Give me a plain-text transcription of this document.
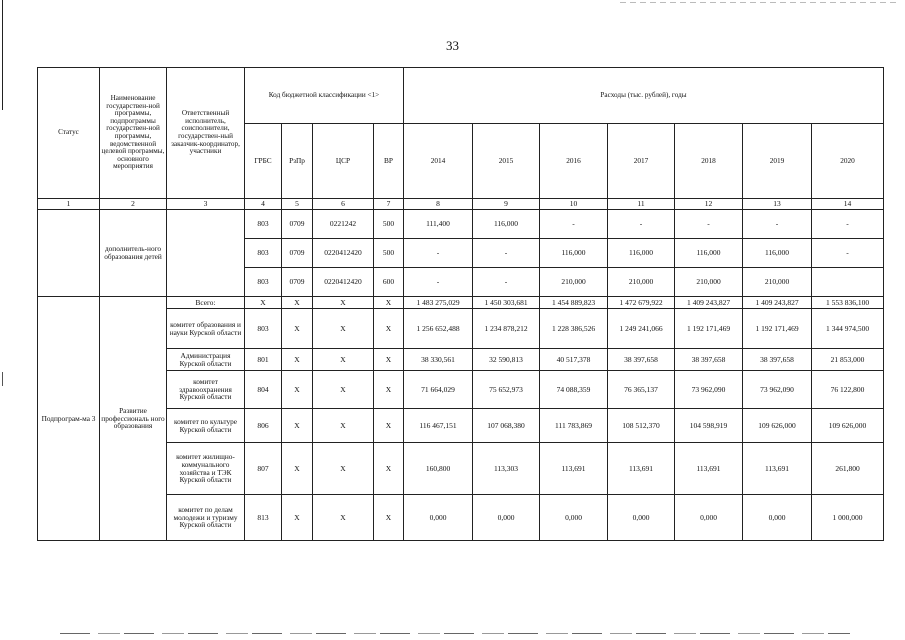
33
Статус	Наименование государствен-ной программы, подпрограммы государствен-ной программы, ведомственной целевой программы, основного мероприятия	Ответственный исполнитель, соисполнители, государствен-ный заказчик-координатор, участники	Код бюджетной классификации <1>				Расходы (тыс. рублей), годы						
			ГРБС	РзПр	ЦСР	ВР	2014	2015	2016	2017	2018	2019	2020
1	2	3	4	5	6	7	8	9	10	11	12	13	14
	дополнитель-ного образования детей		803	0709	0221242	500	111,400	116,000	-	-	-	-	-
			803	0709	0220412420	500	-	-	116,000	116,000	116,000	116,000	-
			803	0709	0220412420	600	-	-	210,000	210,000	210,000	210,000	
Подпрограм-ма 3	Развитие профессиональ ного образования	Всего:	Х	Х	Х	Х	1 483 275,029	1 450 303,681	1 454 889,823	1 472 679,922	1 409 243,827	1 409 243,827	1 553 836,100
		комитет образования и науки Курской области	803	Х	Х	Х	1 256 652,488	1 234 878,212	1 228 386,526	1 249 241,066	1 192 171,469	1 192 171,469	1 344 974,500
		Администрация Курской области	801	Х	Х	Х	38 330,561	32 590,813	40 517,378	38 397,658	38 397,658	38 397,658	21 853,000
		комитет здравоохранения Курской области	804	Х	Х	Х	71 664,029	75 652,973	74 088,359	76 365,137	73 962,090	73 962,090	76 122,800
		комитет по культуре Курской области	806	Х	Х	Х	116 467,151	107 068,380	111 783,869	108 512,370	104 598,919	109 626,000	109 626,000
		комитет жилищно-коммунального хозяйства и ТЭК Курской области	807	Х	Х	Х	160,800	113,303	113,691	113,691	113,691	113,691	261,800
		комитет по делам молодежи и туризму Курской области	813	Х	Х	Х	0,000	0,000	0,000	0,000	0,000	0,000	1 000,000
